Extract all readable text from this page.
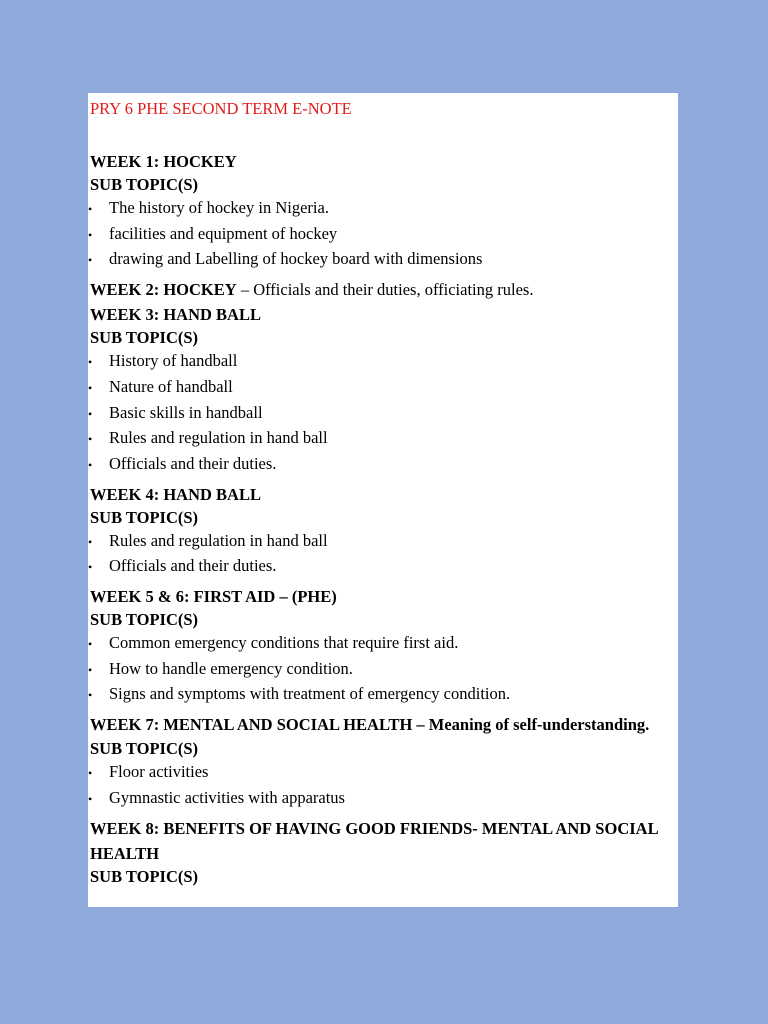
PRY 6 PHE SECOND TERM E-NOTE

WEEK 1: HOCKEY

SUB TOPIC(S)

• The history of hockey in Nigeria.
• facilities and equipment of hockey
• drawing and Labelling of hockey board with dimensions

WEEK 2: HOCKEY – Officials and their duties, officiating rules.

WEEK 3: HAND BALL

SUB TOPIC(S)

• History of handball
• Nature of handball
• Basic skills in handball
• Rules and regulation in hand ball
• Officials and their duties.

WEEK 4: HAND BALL

SUB TOPIC(S)

• Rules and regulation in hand ball
• Officials and their duties.

WEEK 5 & 6: FIRST AID – (PHE)

SUB TOPIC(S)

• Common emergency conditions that require first aid.
• How to handle emergency condition.
• Signs and symptoms with treatment of emergency condition.

WEEK 7: MENTAL AND SOCIAL HEALTH – Meaning of self-understanding.

SUB TOPIC(S)

• Floor activities
• Gymnastic activities with apparatus

WEEK 8: BENEFITS OF HAVING GOOD FRIENDS- MENTAL AND SOCIAL HEALTH

SUB TOPIC(S)
